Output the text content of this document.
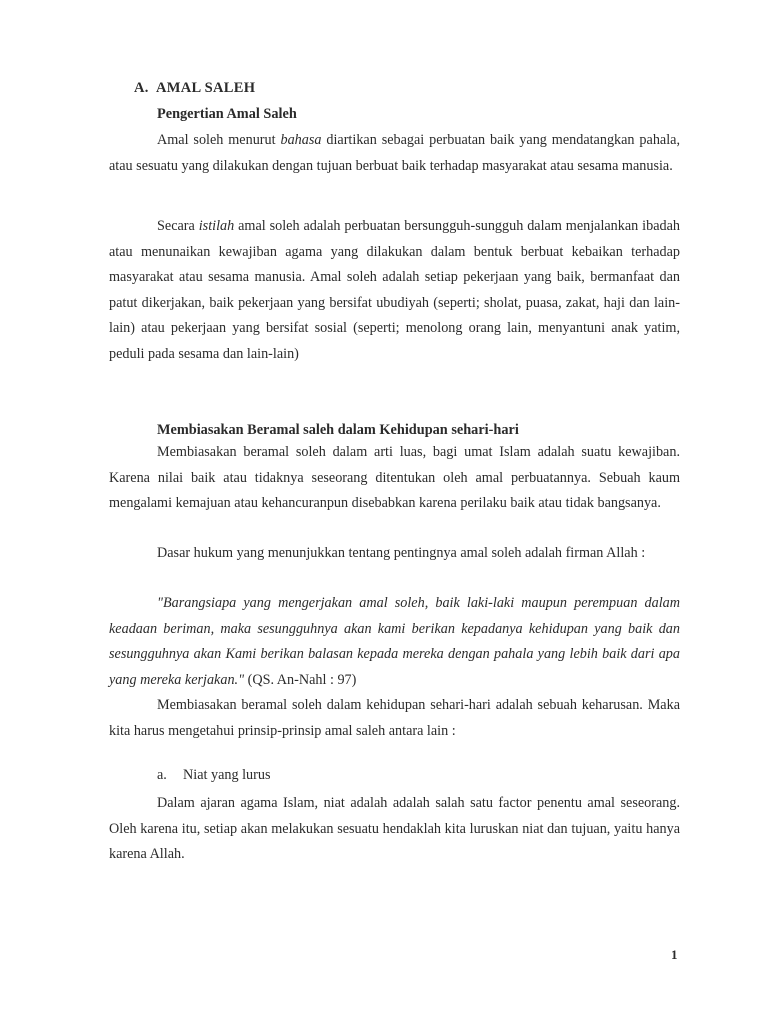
A. AMAL SALEH
Pengertian Amal Saleh

Amal soleh menurut bahasa diartikan sebagai perbuatan baik yang mendatangkan pahala, atau sesuatu yang dilakukan dengan tujuan berbuat baik terhadap masyarakat atau sesama manusia.

Secara istilah amal soleh adalah perbuatan bersungguh-sungguh dalam menjalankan ibadah atau menunaikan kewajiban agama yang dilakukan dalam bentuk berbuat kebaikan terhadap masyarakat atau sesama manusia. Amal soleh adalah setiap pekerjaan yang baik, bermanfaat dan patut dikerjakan, baik pekerjaan yang bersifat ubudiyah (seperti; sholat, puasa, zakat, haji dan lain-lain) atau pekerjaan yang bersifat sosial (seperti; menolong orang lain, menyantuni anak yatim, peduli pada sesama dan lain-lain)

Membiasakan Beramal saleh dalam Kehidupan sehari-hari

Membiasakan beramal soleh dalam arti luas, bagi umat Islam adalah suatu kewajiban. Karena nilai baik atau tidaknya seseorang ditentukan oleh amal perbuatannya. Sebuah kaum mengalami kemajuan atau kehancuranpun disebabkan karena perilaku baik atau tidak bangsanya.

Dasar hukum yang menunjukkan tentang pentingnya amal soleh adalah firman Allah :

"Barangsiapa yang mengerjakan amal soleh, baik laki-laki maupun perempuan dalam keadaan beriman, maka sesungguhnya akan kami berikan kepadanya kehidupan yang baik dan sesungguhnya akan Kami berikan balasan kepada mereka dengan pahala yang lebih baik dari apa yang mereka kerjakan." (QS. An-Nahl : 97)

Membiasakan beramal soleh dalam kehidupan sehari-hari adalah sebuah keharusan. Maka kita harus mengetahui prinsip-prinsip amal saleh antara lain :

a. Niat yang lurus

Dalam ajaran agama Islam, niat adalah adalah salah satu factor penentu amal seseorang. Oleh karena itu, setiap akan melakukan sesuatu hendaklah kita luruskan niat dan tujuan, yaitu hanya karena Allah.

1
